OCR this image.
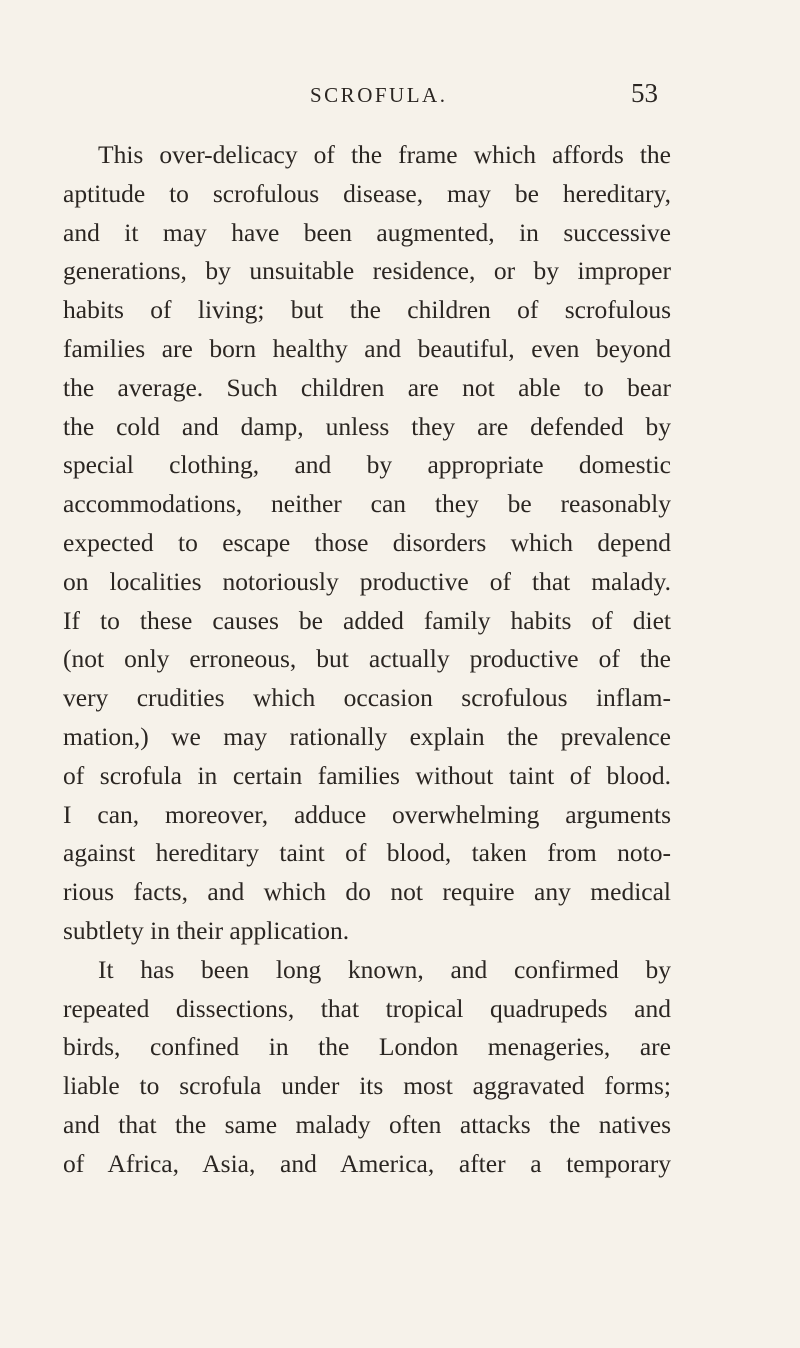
SCROFULA.	53
This over-delicacy of the frame which affords the
aptitude to scrofulous disease, may be hereditary,
and it may have been augmented, in successive
generations, by unsuitable residence, or by improper
habits of living; but the children of scrofulous
families are born healthy and beautiful, even beyond
the average. Such children are not able to bear
the cold and damp, unless they are defended by
special clothing, and by appropriate domestic
accommodations, neither can they be reasonably
expected to escape those disorders which depend
on localities notoriously productive of that malady.
If to these causes be added family habits of diet
(not only erroneous, but actually productive of the
very crudities which occasion scrofulous inflam-
mation,) we may rationally explain the prevalence
of scrofula in certain families without taint of blood.
I can, moreover, adduce overwhelming arguments
against hereditary taint of blood, taken from noto-
rious facts, and which do not require any medical
subtlety in their application.
It has been long known, and confirmed by
repeated dissections, that tropical quadrupeds and
birds, confined in the London menageries, are
liable to scrofula under its most aggravated forms;
and that the same malady often attacks the natives
of Africa, Asia, and America, after a temporary
